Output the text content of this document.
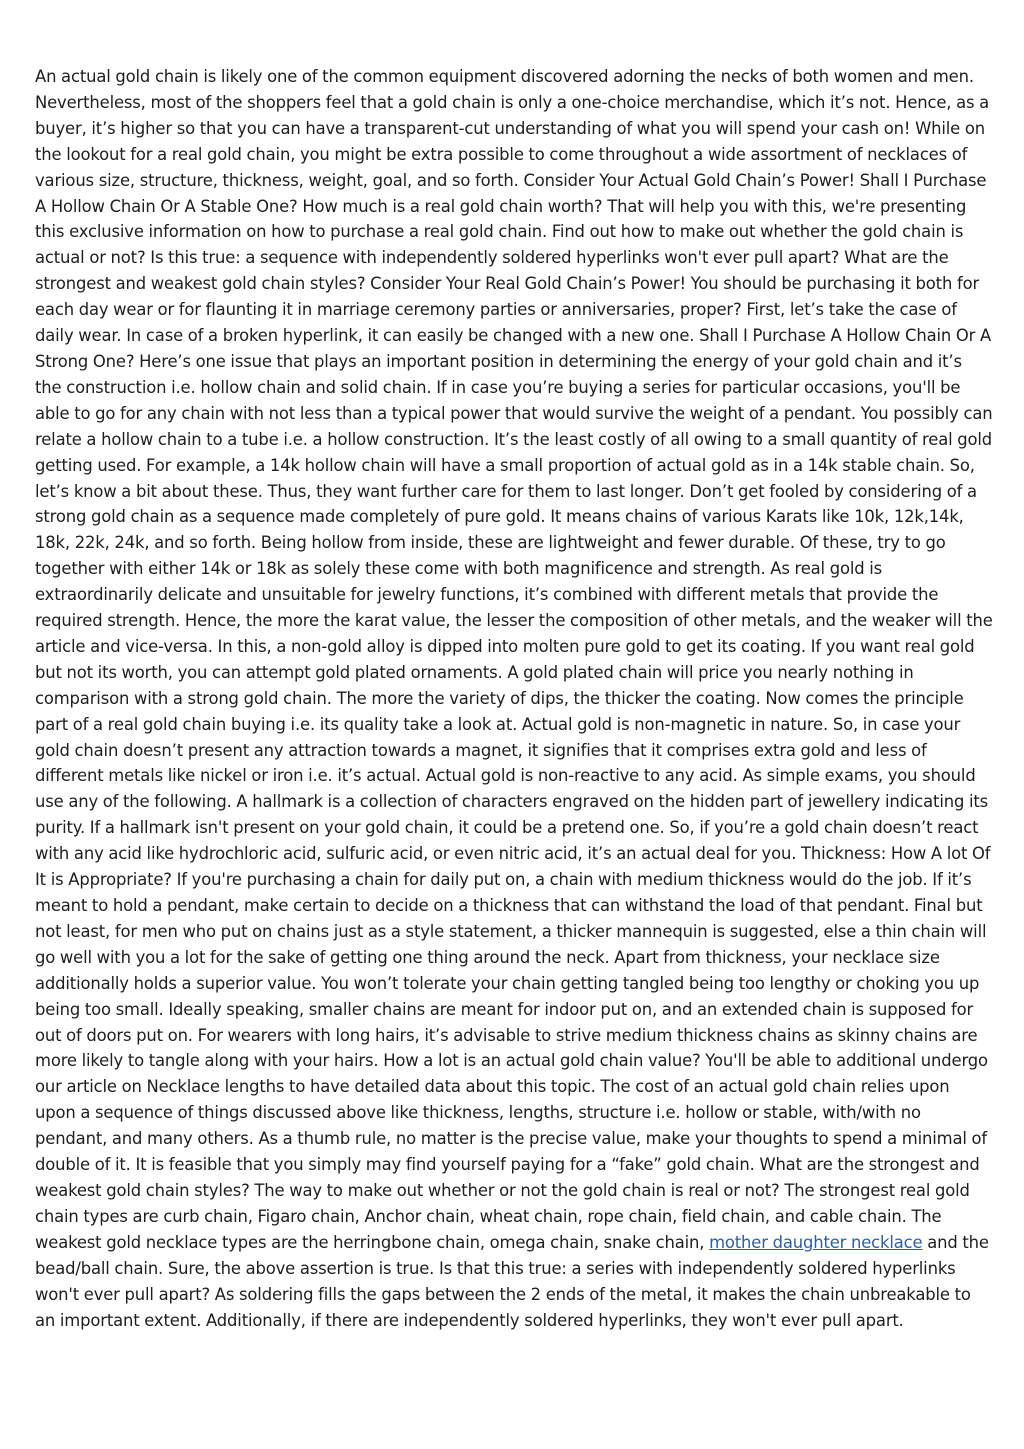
An actual gold chain is likely one of the common equipment discovered adorning the necks of both women and men. Nevertheless, most of the shoppers feel that a gold chain is only a one-choice merchandise, which it’s not. Hence, as a buyer, it’s higher so that you can have a transparent-cut understanding of what you will spend your cash on! While on the lookout for a real gold chain, you might be extra possible to come throughout a wide assortment of necklaces of various size, structure, thickness, weight, goal, and so forth. Consider Your Actual Gold Chain’s Power! Shall I Purchase A Hollow Chain Or A Stable One? How much is a real gold chain worth? That will help you with this, we're presenting this exclusive information on how to purchase a real gold chain. Find out how to make out whether the gold chain is actual or not? Is this true: a sequence with independently soldered hyperlinks won't ever pull apart? What are the strongest and weakest gold chain styles? Consider Your Real Gold Chain’s Power! You should be purchasing it both for each day wear or for flaunting it in marriage ceremony parties or anniversaries, proper? First, let’s take the case of daily wear. In case of a broken hyperlink, it can easily be changed with a new one. Shall I Purchase A Hollow Chain Or A Strong One? Here’s one issue that plays an important position in determining the energy of your gold chain and it’s the construction i.e. hollow chain and solid chain. If in case you’re buying a series for particular occasions, you'll be able to go for any chain with not less than a typical power that would survive the weight of a pendant. You possibly can relate a hollow chain to a tube i.e. a hollow construction. It’s the least costly of all owing to a small quantity of real gold getting used. For example, a 14k hollow chain will have a small proportion of actual gold as in a 14k stable chain. So, let’s know a bit about these. Thus, they want further care for them to last longer. Don’t get fooled by considering of a strong gold chain as a sequence made completely of pure gold. It means chains of various Karats like 10k, 12k,14k, 18k, 22k, 24k, and so forth. Being hollow from inside, these are lightweight and fewer durable. Of these, try to go together with either 14k or 18k as solely these come with both magnificence and strength. As real gold is extraordinarily delicate and unsuitable for jewelry functions, it’s combined with different metals that provide the required strength. Hence, the more the karat value, the lesser the composition of other metals, and the weaker will the article and vice-versa. In this, a non-gold alloy is dipped into molten pure gold to get its coating. If you want real gold but not its worth, you can attempt gold plated ornaments. A gold plated chain will price you nearly nothing in comparison with a strong gold chain. The more the variety of dips, the thicker the coating. Now comes the principle part of a real gold chain buying i.e. its quality take a look at. Actual gold is non-magnetic in nature. So, in case your gold chain doesn’t present any attraction towards a magnet, it signifies that it comprises extra gold and less of different metals like nickel or iron i.e. it’s actual. Actual gold is non-reactive to any acid. As simple exams, you should use any of the following. A hallmark is a collection of characters engraved on the hidden part of jewellery indicating its purity. If a hallmark isn't present on your gold chain, it could be a pretend one. So, if you’re a gold chain doesn’t react with any acid like hydrochloric acid, sulfuric acid, or even nitric acid, it’s an actual deal for you. Thickness: How A lot Of It is Appropriate? If you're purchasing a chain for daily put on, a chain with medium thickness would do the job. If it’s meant to hold a pendant, make certain to decide on a thickness that can withstand the load of that pendant. Final but not least, for men who put on chains just as a style statement, a thicker mannequin is suggested, else a thin chain will go well with you a lot for the sake of getting one thing around the neck. Apart from thickness, your necklace size additionally holds a superior value. You won’t tolerate your chain getting tangled being too lengthy or choking you up being too small. Ideally speaking, smaller chains are meant for indoor put on, and an extended chain is supposed for out of doors put on. For wearers with long hairs, it’s advisable to strive medium thickness chains as skinny chains are more likely to tangle along with your hairs. How a lot is an actual gold chain value? You'll be able to additional undergo our article on Necklace lengths to have detailed data about this topic. The cost of an actual gold chain relies upon upon a sequence of things discussed above like thickness, lengths, structure i.e. hollow or stable, with/with no pendant, and many others. As a thumb rule, no matter is the precise value, make your thoughts to spend a minimal of double of it. It is feasible that you simply may find yourself paying for a “fake” gold chain. What are the strongest and weakest gold chain styles? The way to make out whether or not the gold chain is real or not? The strongest real gold chain types are curb chain, Figaro chain, Anchor chain, wheat chain, rope chain, field chain, and cable chain. The weakest gold necklace types are the herringbone chain, omega chain, snake chain, mother daughter necklace and the bead/ball chain. Sure, the above assertion is true. Is that this true: a series with independently soldered hyperlinks won't ever pull apart? As soldering fills the gaps between the 2 ends of the metal, it makes the chain unbreakable to an important extent. Additionally, if there are independently soldered hyperlinks, they won't ever pull apart.
